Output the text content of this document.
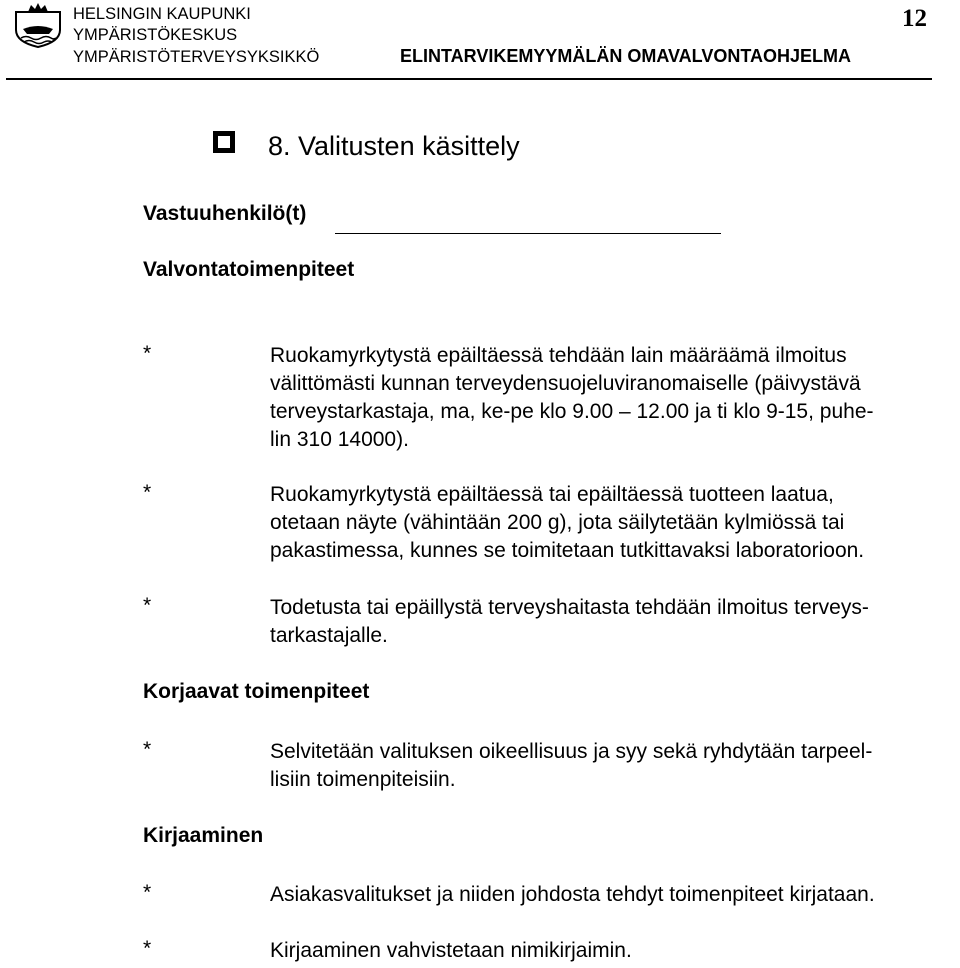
HELSINGIN KAUPUNKI
YMPÄRISTÖKESKUS
YMPÄRISTÖTERVEYSYKSIKKÖ	ELINTARVIKEMYYMÄLÄN OMAVALVONTAOHJELMA
12
8. Valitusten käsittely
Vastuuhenkilö(t)
Valvontatoimenpiteet
*	Ruokamyrkytystä epäiltäessä tehdään lain määräämä ilmoitus
välittömästi kunnan terveydensuojeluviranomaiselle (päivystävä
terveystarkastaja, ma, ke-pe klo 9.00 – 12.00 ja ti klo 9-15, puhe-
lin 310 14000).
*	Ruokamyrkytystä epäiltäessä tai epäiltäessä tuotteen laatua,
otetaan näyte (vähintään 200 g), jota säilytetään kylmiössä tai
pakastimessa, kunnes se toimitetaan tutkittavaksi laboratorioon.
*	Todetusta tai epäillystä terveyshaitasta tehdään ilmoitus terveys-
tarkastajalle.
Korjaavat toimenpiteet
*	Selvitetään valituksen oikeellisuus ja syy sekä ryhdytään tarpeel-
lisiin toimenpiteisiin.
Kirjaaminen
*	Asiakasvalitukset ja niiden johdosta tehdyt toimenpiteet kirjataan.
*	Kirjaaminen vahvistetaan nimikirjaimin.
